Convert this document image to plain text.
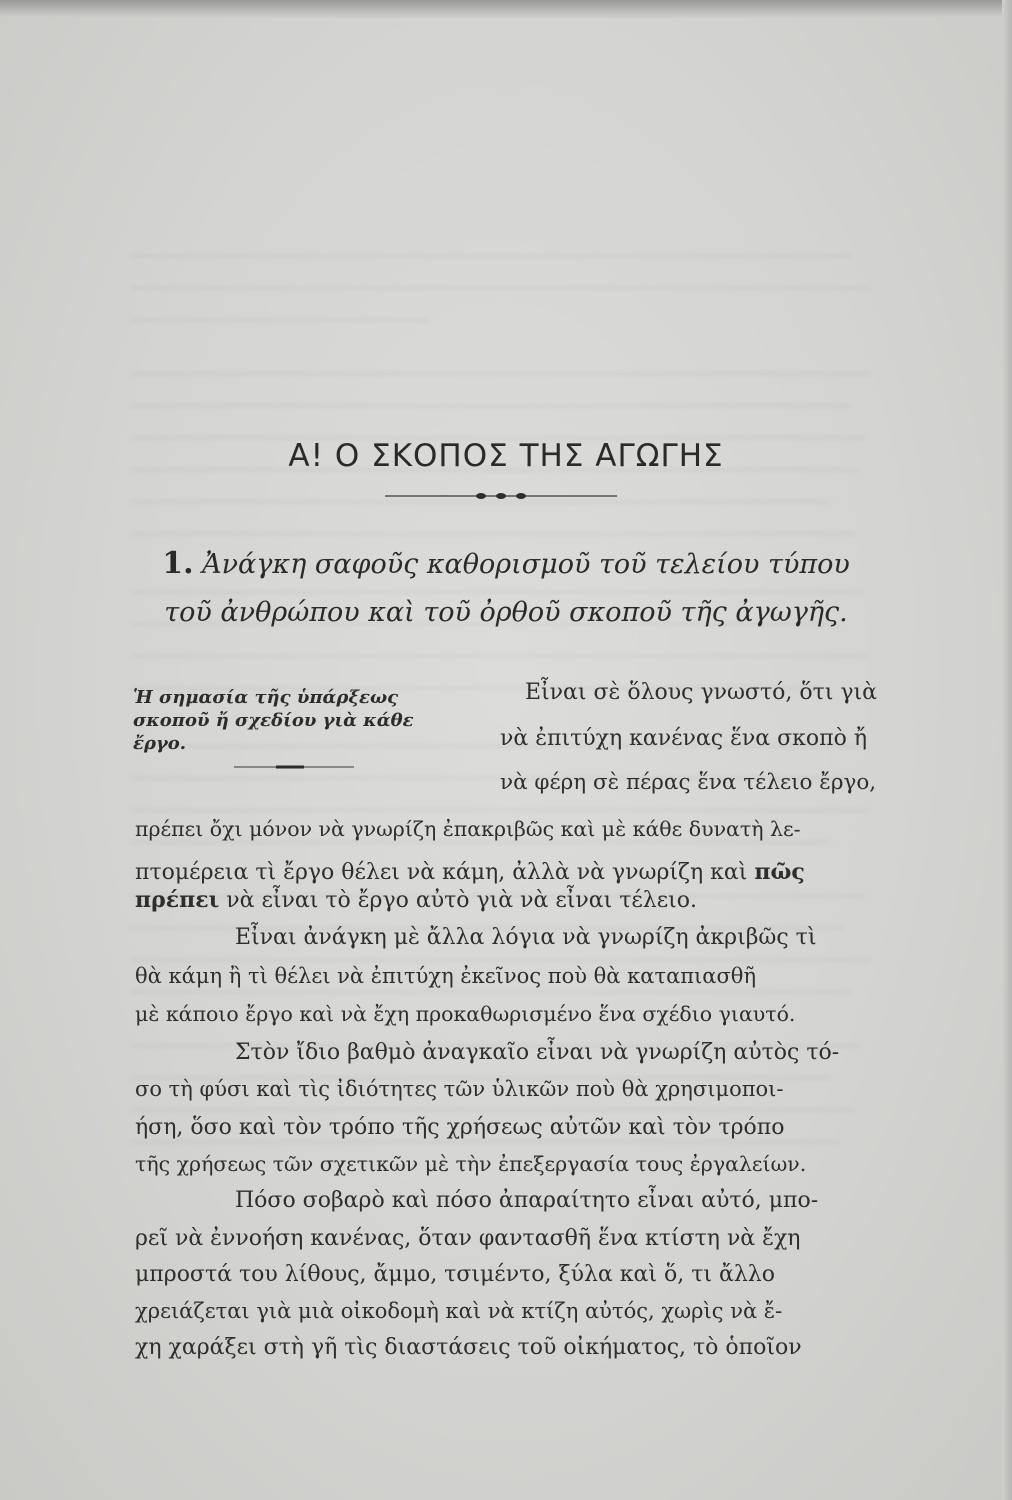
Α! Ο ΣΚΟΠΟΣ ΤΗΣ ΑΓΩΓΗΣ
1. Ἀνάγκη σαφοῦς καθορισμοῦ τοῦ τελείου τύπου
τοῦ ἀνθρώπου καὶ τοῦ ὀρθοῦ σκοποῦ τῆς ἀγωγῆς.
Ἡ σημασία τῆς ὑπάρξεως σκοποῦ ἤ σχεδίου γιὰ κάθε ἔργο.
Εἶναι σὲ ὅλους γνωστό, ὅτι γιὰ
νὰ ἐπιτύχη κανένας ἕνα σκοπὸ ἤ
νὰ φέρη σὲ πέρας ἕνα τέλειο ἔργο,
πρέπει ὄχι μόνον νὰ γνωρίζη ἐπακριβῶς καὶ μὲ κάθε δυνατὴ λε-
πτομέρεια τὶ ἔργο θέλει νὰ κάμη, ἀλλὰ νὰ γνωρίζη καὶ πῶς
πρέπει νὰ εἶναι τὸ ἔργο αὐτὸ γιὰ νὰ εἶναι τέλειο.
Εἶναι ἀνάγκη μὲ ἄλλα λόγια νὰ γνωρίζη ἀκριβῶς τὶ
θὰ κάμη ἢ τὶ θέλει νὰ ἐπιτύχη ἐκεῖνος ποὺ θὰ καταπιασθῆ
μὲ κάποιο ἔργο καὶ νὰ ἔχη προκαθωρισμένο ἕνα σχέδιο γιαυτό.
Στὸν ἴδιο βαθμὸ ἀναγκαῖο εἶναι νὰ γνωρίζη αὐτὸς τό-
σο τὴ φύσι καὶ τὶς ἰδιότητες τῶν ὑλικῶν ποὺ θὰ χρησιμοποι-
ήση, ὅσο καὶ τὸν τρόπο τῆς χρήσεως αὐτῶν καὶ τὸν τρόπο
τῆς χρήσεως τῶν σχετικῶν μὲ τὴν ἐπεξεργασία τους ἐργαλείων.
Πόσο σοβαρὸ καὶ πόσο ἀπαραίτητο εἶναι αὐτό, μπο-
ρεῖ νὰ ἐννοήση κανένας, ὅταν φαντασθῆ ἕνα κτίστη νὰ ἔχη
μπροστά του λίθους, ἄμμο, τσιμέντο, ξύλα καὶ ὅ, τι ἄλλο
χρειάζεται γιὰ μιὰ οἰκοδομὴ καὶ νὰ κτίζη αὐτός, χωρὶς νὰ ἔ-
χη χαράξει στὴ γῆ τὶς διαστάσεις τοῦ οἰκήματος, τὸ ὁποῖον
